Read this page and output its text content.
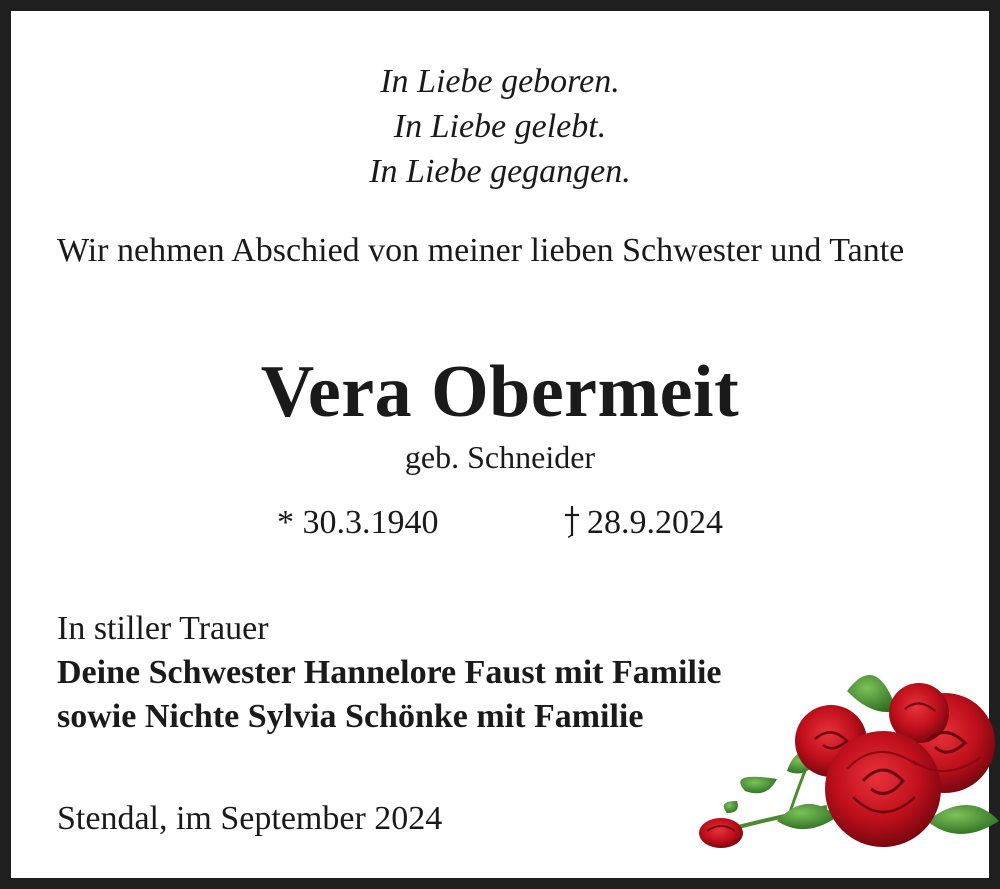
In Liebe geboren.
In Liebe gelebt.
In Liebe gegangen.
Wir nehmen Abschied von meiner lieben Schwester und Tante
Vera Obermeit
geb. Schneider
* 30.3.1940	28.9.2024
In stiller Trauer
Deine Schwester Hannelore Faust mit Familie
sowie Nichte Sylvia Schönke mit Familie
Stendal, im September 2024
